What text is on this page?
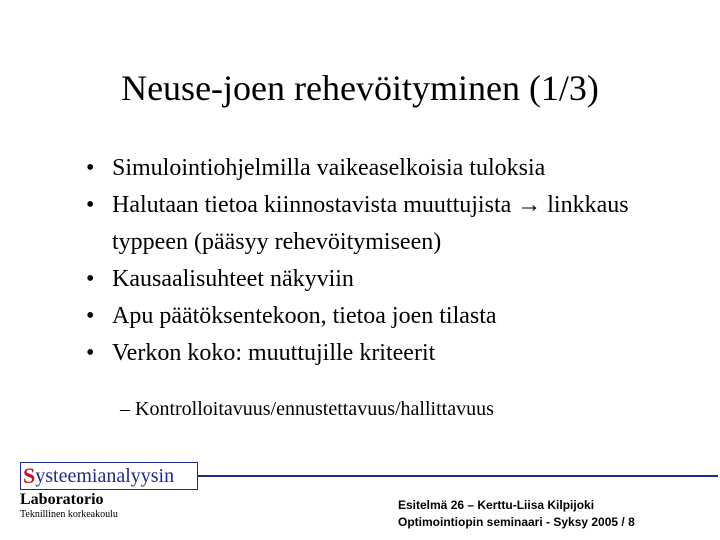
Neuse-joen rehevöityminen (1/3)
• Simulointiohjelmilla vaikeaselkoisia tuloksia
• Halutaan tietoa kiinnostavista muuttujista → linkkaus typpeen (pääsyy rehevöitymiseen)
• Kausaalisuhteet näkyviin
• Apu päätöksentekoon, tietoa joen tilasta
• Verkon koko: muuttujille kriteerit
– Kontrolloitavuus/ennustettavuus/hallittavuus
S ysteemianalyysin
Laboratorio
Teknillinen korkeakoulu
Esitelmä 26 – Kerttu-Liisa Kilpijoki
Optimointiopin seminaari - Syksy 2005 / 8
